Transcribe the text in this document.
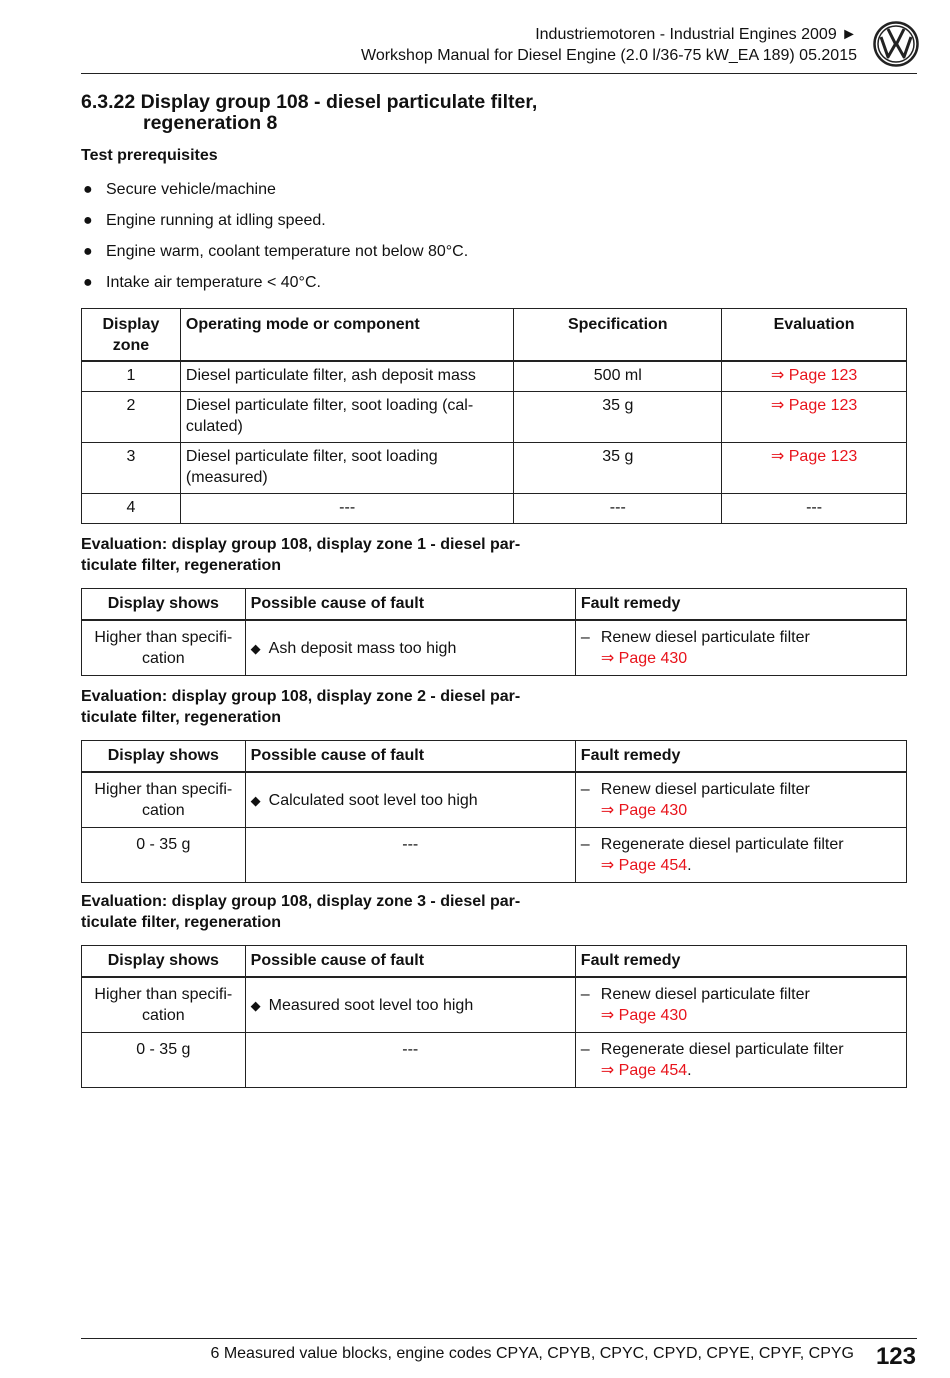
Industriemotoren - Industrial Engines 2009 ►
Workshop Manual for Diesel Engine (2.0 l/36-75 kW_EA 189) 05.2015
6.3.22 Display group 108 - diesel particulate filter,
regeneration 8
Test prerequisites
● Secure vehicle/machine
● Engine running at idling speed.
● Engine warm, coolant temperature not below 80°C.
● Intake air temperature < 40°C.
Display zone	Operating mode or component	Specification	Evaluation
1	Diesel particulate filter, ash deposit mass	500 ml	⇒ Page 123
2	Diesel particulate filter, soot loading (cal-culated)	35 g	⇒ Page 123
3	Diesel particulate filter, soot loading (measured)	35 g	⇒ Page 123
4	---	---	---
Evaluation: display group 108, display zone 1 - diesel par-ticulate filter, regeneration
Display shows	Possible cause of fault	Fault remedy
Higher than specifi-cation	◆ Ash deposit mass too high	– Renew diesel particulate filter
⇒ Page 430
Evaluation: display group 108, display zone 2 - diesel par-ticulate filter, regeneration
Display shows	Possible cause of fault	Fault remedy
Higher than specifi-cation	◆ Calculated soot level too high	– Renew diesel particulate filter
⇒ Page 430

0 - 35 g	---	– Regenerate diesel particulate filter
⇒ Page 454.
Evaluation: display group 108, display zone 3 - diesel par-ticulate filter, regeneration
Display shows	Possible cause of fault	Fault remedy
Higher than specifi-cation	◆ Measured soot level too high	– Renew diesel particulate filter
⇒ Page 430

0 - 35 g	---	– Regenerate diesel particulate filter
⇒ Page 454.
6 Measured value blocks, engine codes CPYA, CPYB, CPYC, CPYD, CPYE, CPYF, CPYG 123
